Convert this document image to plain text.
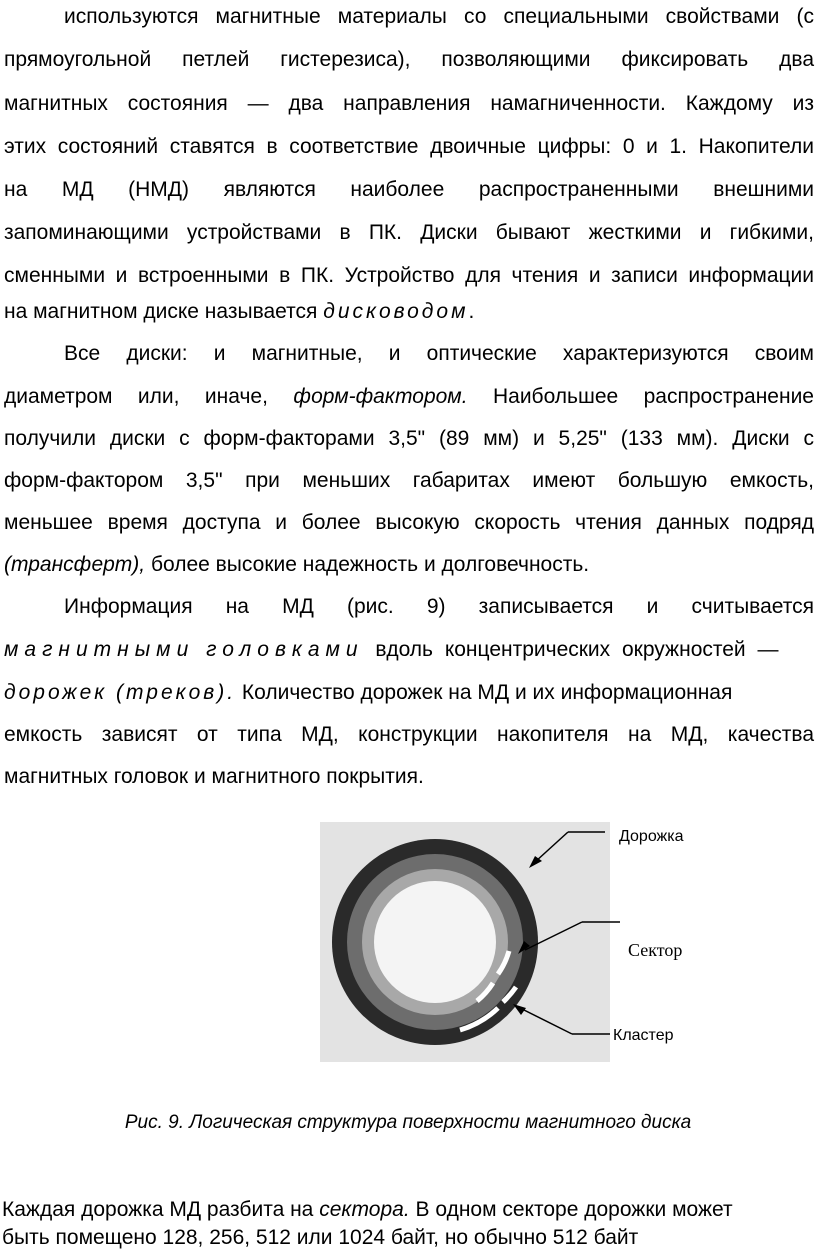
используются магнитные материалы со специальными свойствами (с
прямоугольной петлей гистерезиса), позволяющими фиксировать два
магнитных состояния — два направления намагниченности. Каждому из
этих состояний ставятся в соответствие двоичные цифры: 0 и 1. Накопители
на МД (НМД) являются наиболее распространенными внешними
запоминающими устройствами в ПК. Диски бывают жесткими и гибкими,
сменными и встроенными в ПК. Устройство для чтения и записи информации
на магнитном диске называется дисководом.
Все диски: и магнитные, и оптические характеризуются своим
диаметром или, иначе, форм-фактором. Наибольшее распространение
получили диски с форм-факторами 3,5" (89 мм) и 5,25" (133 мм). Диски с
форм-фактором 3,5" при меньших габаритах имеют большую емкость,
меньшее время доступа и более высокую скорость чтения данных подряд
(трансферт), более высокие надежность и долговечность.
Информация на МД (рис. 9) записывается и считывается
магнитными головками вдоль концентрических окружностей —
дорожек (треков). Количество дорожек на МД и их информационная
емкость зависят от типа МД, конструкции накопителя на МД, качества
магнитных головок и магнитного покрытия.
Дорожка
Сектор
Кластер
Рис. 9. Логическая структура поверхности магнитного диска
Каждая дорожка МД разбита на сектора. В одном секторе дорожки может
быть помещено 128, 256, 512 или 1024 байт, но обычно 512 байт
